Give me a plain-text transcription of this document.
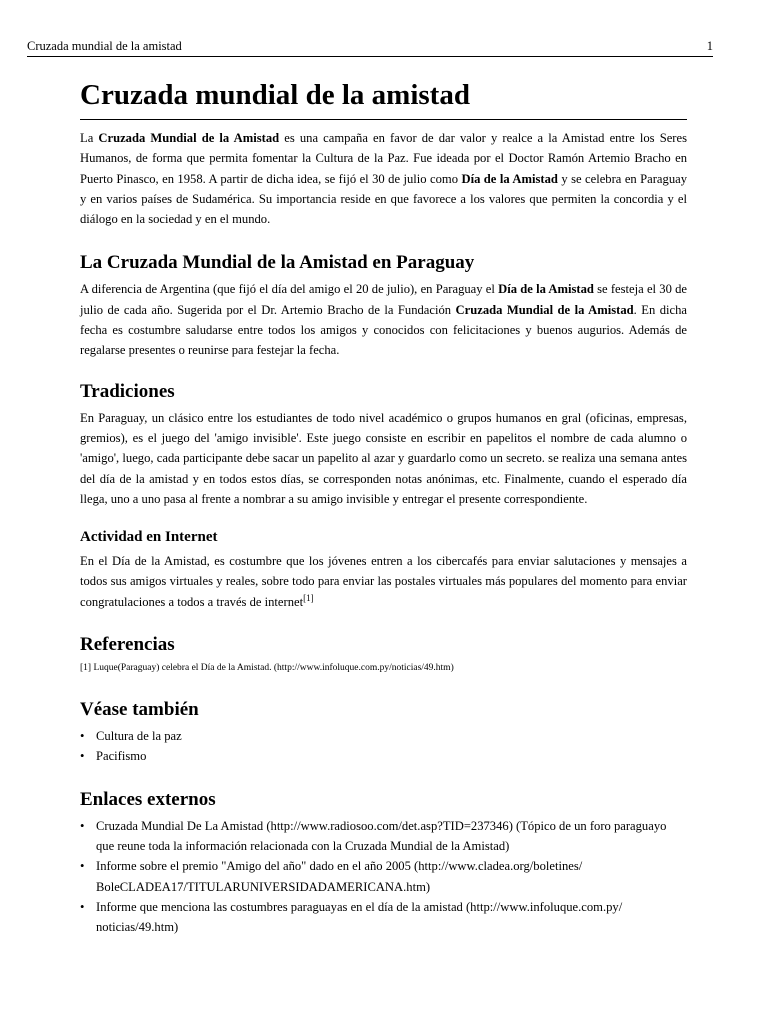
Cruzada mundial de la amistad	1
Cruzada mundial de la amistad

La Cruzada Mundial de la Amistad es una campaña en favor de dar valor y realce a la Amistad entre los Seres Humanos, de forma que permita fomentar la Cultura de la Paz. Fue ideada por el Doctor Ramón Artemio Bracho en Puerto Pinasco, en 1958. A partir de dicha idea, se fijó el 30 de julio como Día de la Amistad y se celebra en Paraguay y en varios países de Sudamérica. Su importancia reside en que favorece a los valores que permiten la concordia y el diálogo en la sociedad y en el mundo.

La Cruzada Mundial de la Amistad en Paraguay

A diferencia de Argentina (que fijó el día del amigo el 20 de julio), en Paraguay el Día de la Amistad se festeja el 30 de julio de cada año. Sugerida por el Dr. Artemio Bracho de la Fundación Cruzada Mundial de la Amistad. En dicha fecha es costumbre saludarse entre todos los amigos y conocidos con felicitaciones y buenos augurios. Además de regalarse presentes o reunirse para festejar la fecha.

Tradiciones

En Paraguay, un clásico entre los estudiantes de todo nivel académico o grupos humanos en gral (oficinas, empresas, gremios), es el juego del 'amigo invisible'. Este juego consiste en escribir en papelitos el nombre de cada alumno o 'amigo', luego, cada participante debe sacar un papelito al azar y guardarlo como un secreto. se realiza una semana antes del día de la amistad y en todos estos días, se corresponden notas anónimas, etc. Finalmente, cuando el esperado día llega, uno a uno pasa al frente a nombrar a su amigo invisible y entregar el presente correspondiente.

Actividad en Internet

En el Día de la Amistad, es costumbre que los jóvenes entren a los cibercafés para enviar salutaciones y mensajes a todos sus amigos virtuales y reales, sobre todo para enviar las postales virtuales más populares del momento para enviar congratulaciones a todos a través de internet[1]

Referencias
[1] Luque(Paraguay) celebra el Día de la Amistad. (http://www.infoluque.com.py/noticias/49.htm)
Véase también
• Cultura de la paz
• Pacifismo
Enlaces externos
• Cruzada Mundial De La Amistad (http://www.radiosoo.com/det.asp?TID=237346) (Tópico de un foro paraguayo que reune toda la información relacionada con la Cruzada Mundial de la Amistad)
• Informe sobre el premio "Amigo del año" dado en el año 2005 (http://www.cladea.org/boletines/ BoleCLADEA17/TITULARUNIVERSIDADAMERICANA.htm)
• Informe que menciona las costumbres paraguayas en el día de la amistad (http://www.infoluque.com.py/ noticias/49.htm)
